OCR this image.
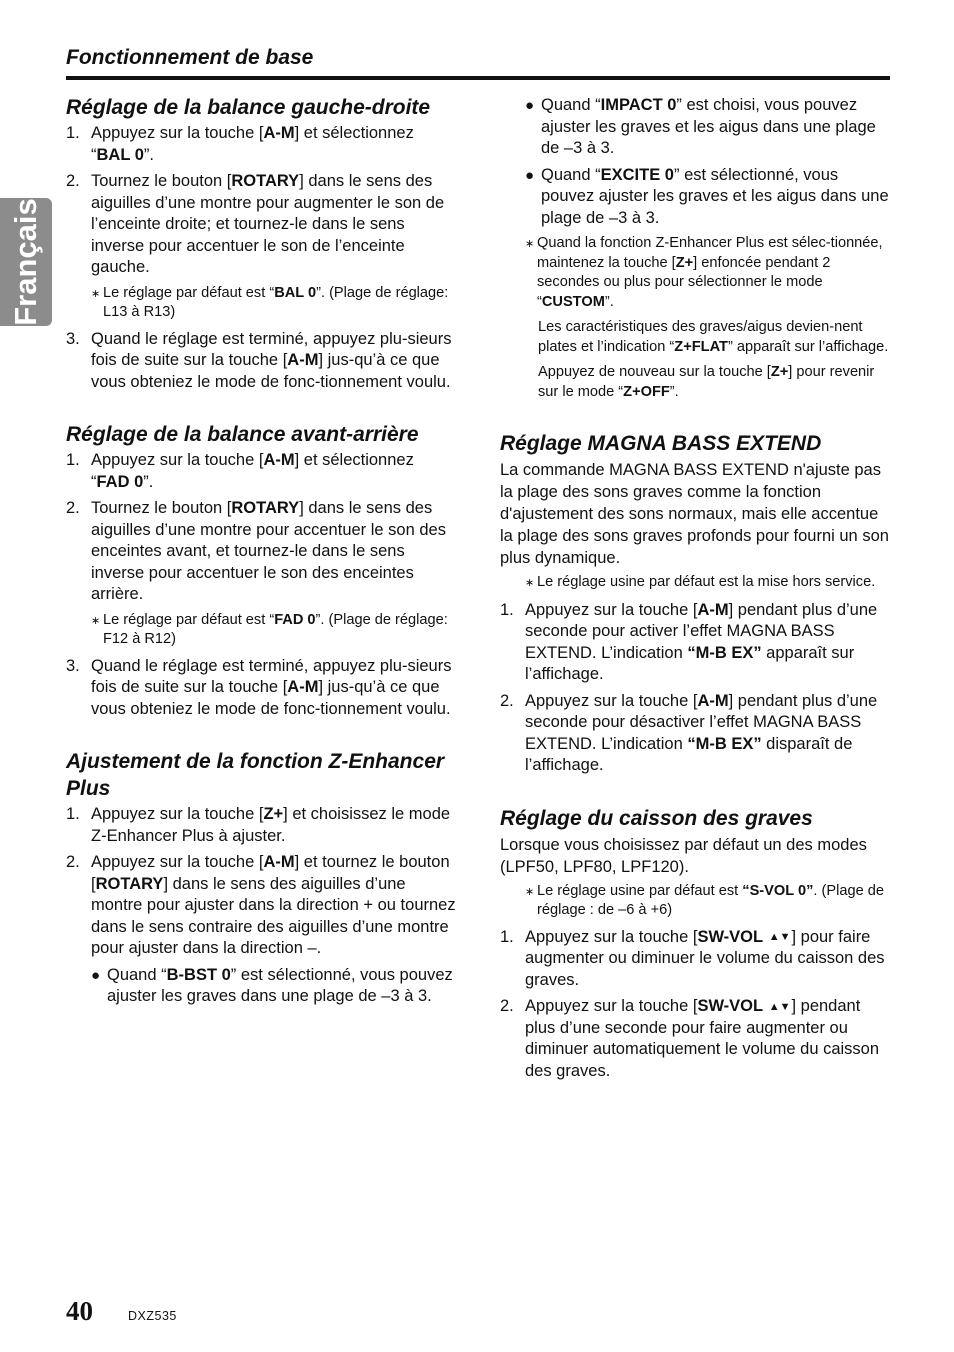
Fonctionnement de base
Français
Réglage de la balance gauche-droite
1. Appuyez sur la touche [A-M] et sélectionnez “BAL 0”.
2. Tournez le bouton [ROTARY] dans le sens des aiguilles d’une montre pour augmenter le son de l’enceinte droite; et tournez-le dans le sens inverse pour accentuer le son de l’enceinte gauche.
∗ Le réglage par défaut est “BAL 0”. (Plage de réglage: L13 à R13)
3. Quand le réglage est terminé, appuyez plu-sieurs fois de suite sur la touche [A-M] jus-qu’à ce que vous obteniez le mode de fonc-tionnement voulu.
Réglage de la balance avant-arrière
1. Appuyez sur la touche [A-M] et sélectionnez “FAD 0”.
2. Tournez le bouton [ROTARY] dans le sens des aiguilles d’une montre pour accentuer le son des enceintes avant, et tournez-le dans le sens inverse pour accentuer le son des enceintes arrière.
∗ Le réglage par défaut est “FAD 0”. (Plage de réglage: F12 à R12)
3. Quand le réglage est terminé, appuyez plu-sieurs fois de suite sur la touche [A-M] jus-qu’à ce que vous obteniez le mode de fonc-tionnement voulu.
Ajustement de la fonction Z-Enhancer Plus
1. Appuyez sur la touche [Z+] et choisissez le mode Z-Enhancer Plus à ajuster.
2. Appuyez sur la touche [A-M] et tournez le bouton [ROTARY] dans le sens des aiguilles d’une montre pour ajuster dans la direction + ou tournez dans le sens contraire des aiguilles d’une montre pour ajuster dans la direction –.
● Quand “B-BST 0” est sélectionné, vous pouvez ajuster les graves dans une plage de –3 à 3.
● Quand “IMPACT 0” est choisi, vous pouvez ajuster les graves et les aigus dans une plage de –3 à 3.
● Quand “EXCITE 0” est sélectionné, vous pouvez ajuster les graves et les aigus dans une plage de –3 à 3.
∗ Quand la fonction Z-Enhancer Plus est sélec-tionnée, maintenez la touche [Z+] enfoncée pendant 2 secondes ou plus pour sélectionner le mode “CUSTOM”.
Les caractéristiques des graves/aigus devien-nent plates et l’indication “Z+FLAT” apparaît sur l’affichage.
Appuyez de nouveau sur la touche [Z+] pour revenir sur le mode “Z+OFF”.
Réglage MAGNA BASS EXTEND

La commande MAGNA BASS EXTEND n'ajuste pas la plage des sons graves comme la fonction d'ajustement des sons normaux, mais elle accentue la plage des sons graves profonds pour fourni un son plus dynamique.

∗ Le réglage usine par défaut est la mise hors service.
1. Appuyez sur la touche [A-M] pendant plus d’une seconde pour activer l’effet MAGNA BASS EXTEND. L’indication “M-B EX” apparaît sur l’affichage.
2. Appuyez sur la touche [A-M] pendant plus d’une seconde pour désactiver l’effet MAGNA BASS EXTEND. L’indication “M-B EX” disparaît de l’affichage.
Réglage du caisson des graves

Lorsque vous choisissez par défaut un des modes (LPF50, LPF80, LPF120).

∗ Le réglage usine par défaut est “S-VOL 0”. (Plage de réglage : de –6 à +6)
1. Appuyez sur la touche [SW-VOL ▲▼] pour faire augmenter ou diminuer le volume du caisson des graves.
2. Appuyez sur la touche [SW-VOL ▲▼] pendant plus d’une seconde pour faire augmenter ou diminuer automatiquement le volume du caisson des graves.
40	DXZ535
